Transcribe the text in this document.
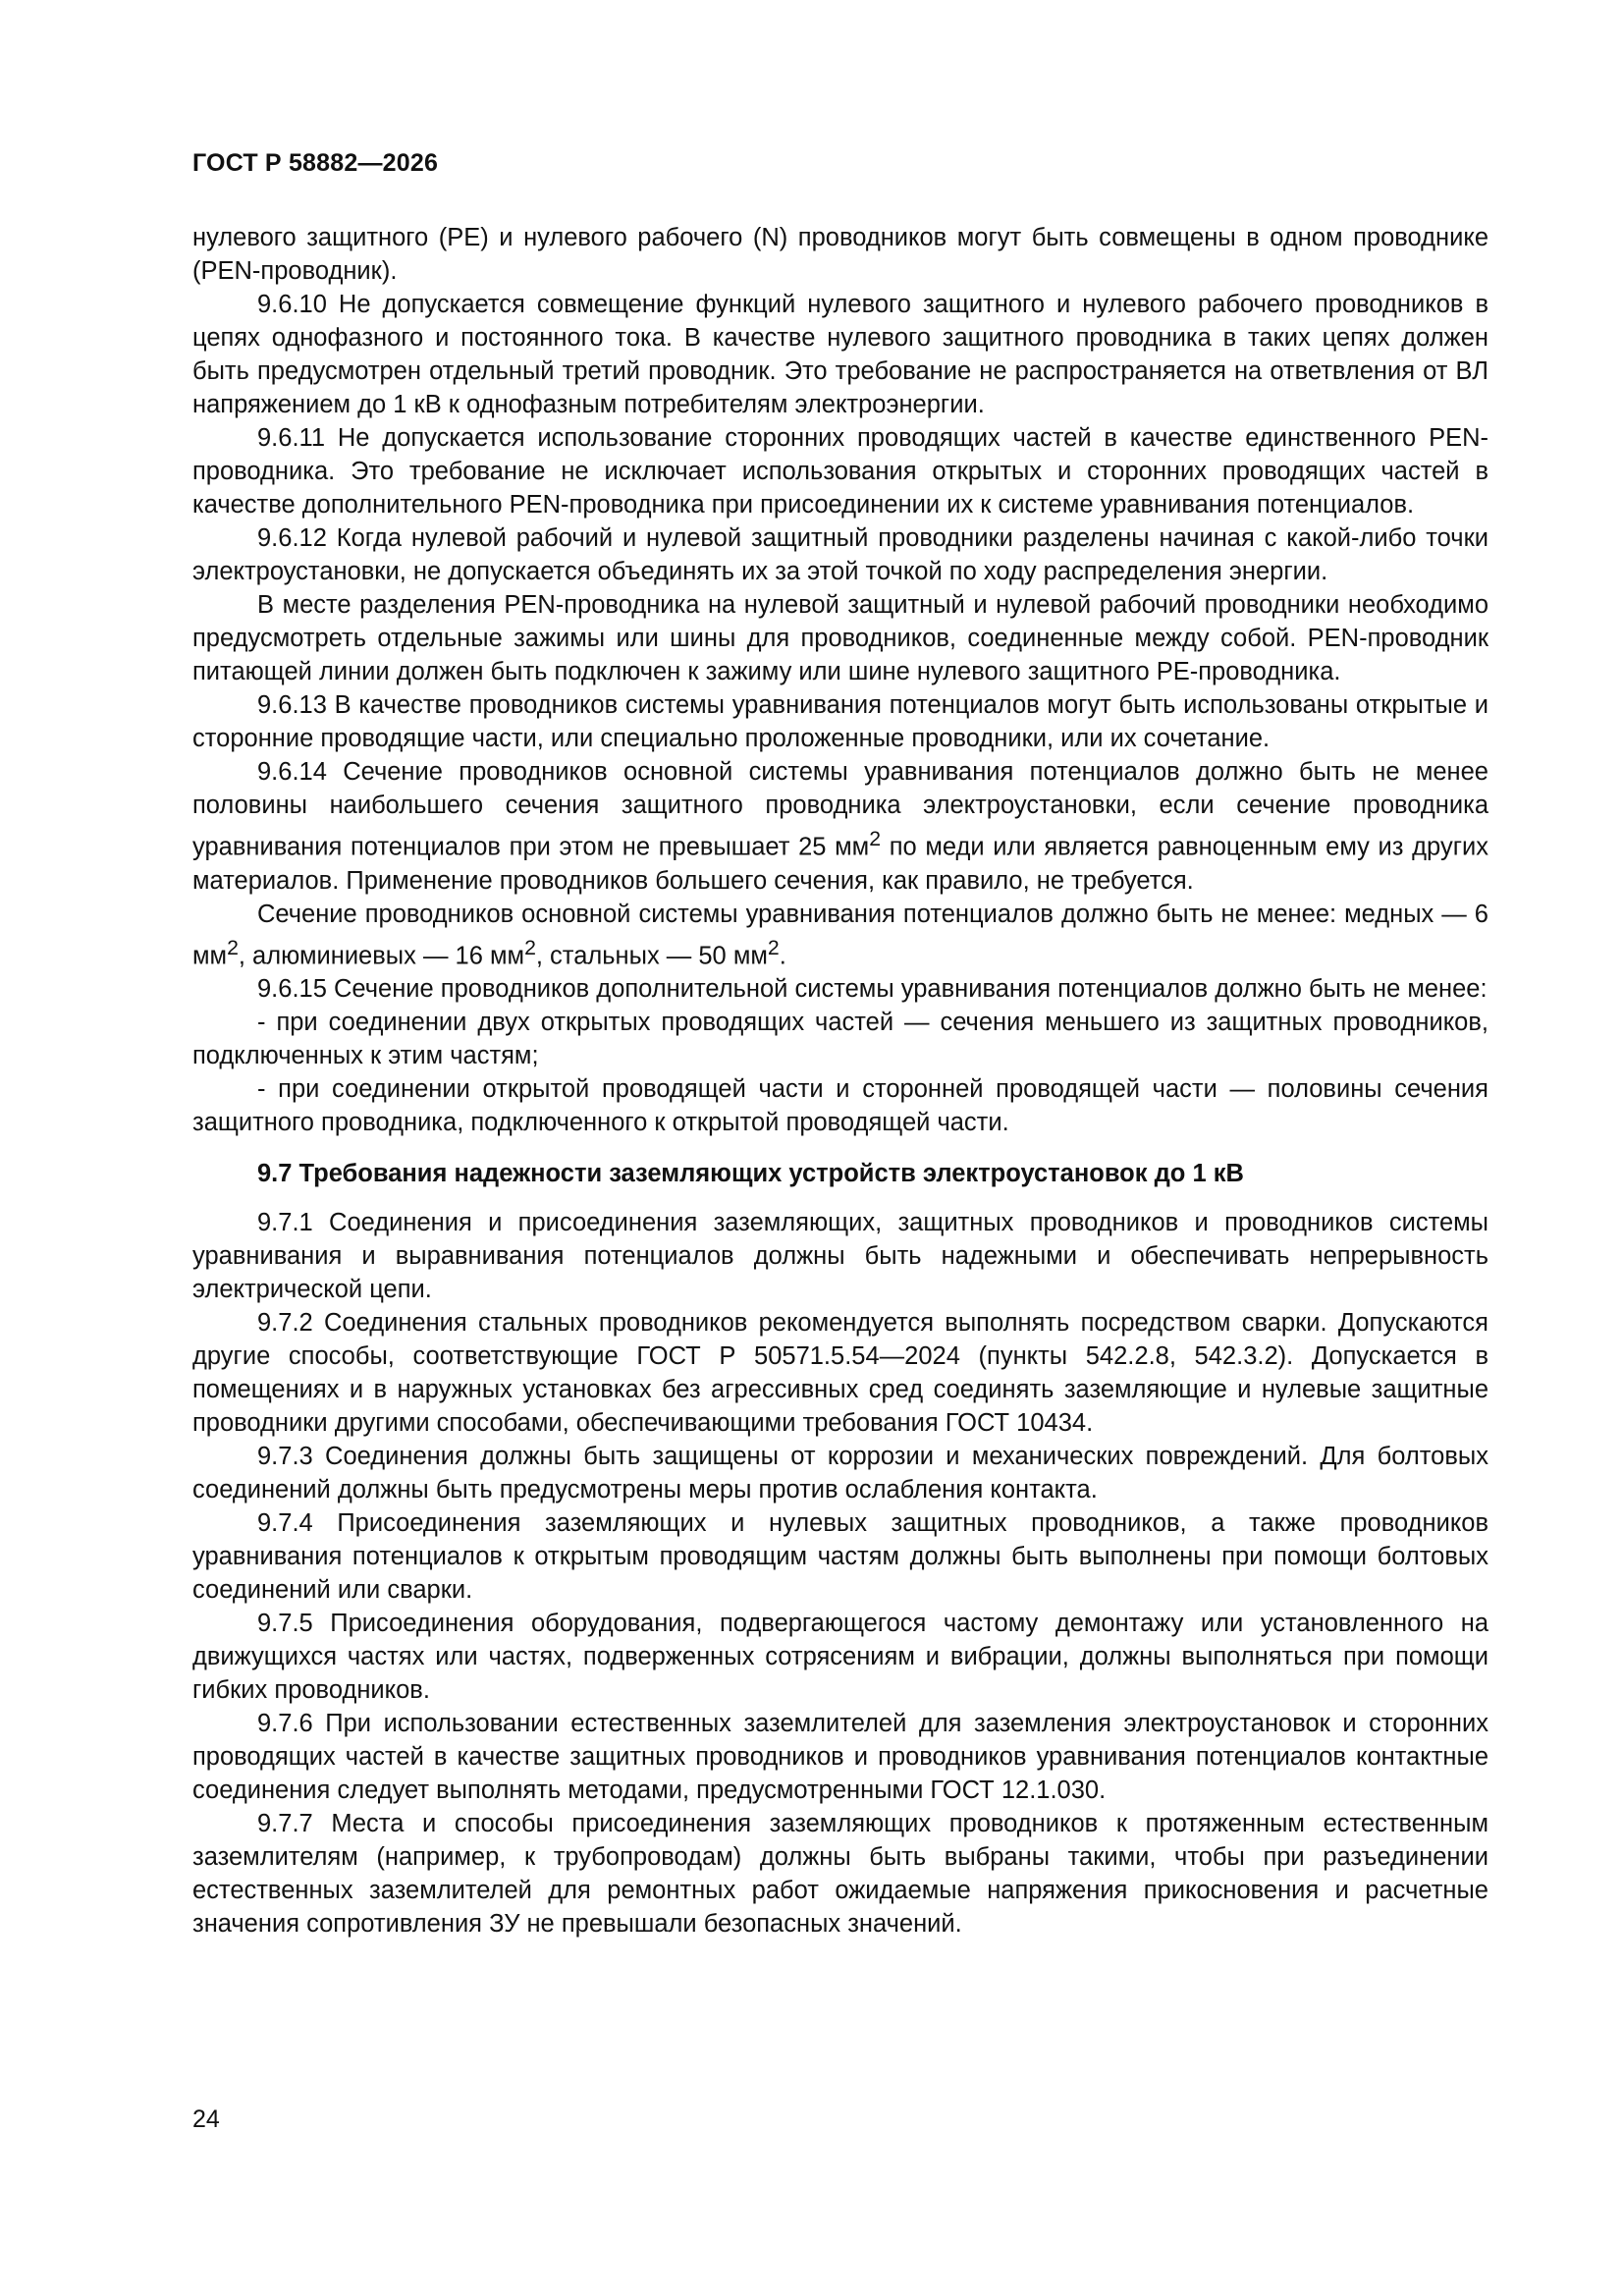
ГОСТ Р 58882—2026

нулевого защитного (PE) и нулевого рабочего (N) проводников могут быть совмещены в одном проводнике (PEN-проводник).

9.6.10 Не допускается совмещение функций нулевого защитного и нулевого рабочего проводников в цепях однофазного и постоянного тока. В качестве нулевого защитного проводника в таких цепях должен быть предусмотрен отдельный третий проводник. Это требование не распространяется на ответвления от ВЛ напряжением до 1 кВ к однофазным потребителям электроэнергии.

9.6.11 Не допускается использование сторонних проводящих частей в качестве единственного PEN-проводника. Это требование не исключает использования открытых и сторонних проводящих частей в качестве дополнительного PEN-проводника при присоединении их к системе уравнивания потенциалов.

9.6.12 Когда нулевой рабочий и нулевой защитный проводники разделены начиная с какой-либо точки электроустановки, не допускается объединять их за этой точкой по ходу распределения энергии.

В месте разделения PEN-проводника на нулевой защитный и нулевой рабочий проводники необходимо предусмотреть отдельные зажимы или шины для проводников, соединенные между собой. PEN-проводник питающей линии должен быть подключен к зажиму или шине нулевого защитного PE-проводника.

9.6.13 В качестве проводников системы уравнивания потенциалов могут быть использованы открытые и сторонние проводящие части, или специально проложенные проводники, или их сочетание.

9.6.14 Сечение проводников основной системы уравнивания потенциалов должно быть не менее половины наибольшего сечения защитного проводника электроустановки, если сечение проводника уравнивания потенциалов при этом не превышает 25 $мм^2$ по меди или является равноценным ему из других материалов. Применение проводников большего сечения, как правило, не требуется.

Сечение проводников основной системы уравнивания потенциалов должно быть не менее: медных — 6 $мм^2$, алюминиевых — 16 $мм^2$, стальных — 50 $мм^2$.

9.6.15 Сечение проводников дополнительной системы уравнивания потенциалов должно быть не менее:

- при соединении двух открытых проводящих частей — сечения меньшего из защитных проводников, подключенных к этим частям;

- при соединении открытой проводящей части и сторонней проводящей части — половины сечения защитного проводника, подключенного к открытой проводящей части.

9.7 Требования надежности заземляющих устройств электроустановок до 1 кВ

9.7.1 Соединения и присоединения заземляющих, защитных проводников и проводников системы уравнивания и выравнивания потенциалов должны быть надежными и обеспечивать непрерывность электрической цепи.

9.7.2 Соединения стальных проводников рекомендуется выполнять посредством сварки. Допускаются другие способы, соответствующие ГОСТ Р 50571.5.54—2024 (пункты 542.2.8, 542.3.2). Допускается в помещениях и в наружных установках без агрессивных сред соединять заземляющие и нулевые защитные проводники другими способами, обеспечивающими требования ГОСТ 10434.

9.7.3 Соединения должны быть защищены от коррозии и механических повреждений. Для болтовых соединений должны быть предусмотрены меры против ослабления контакта.

9.7.4 Присоединения заземляющих и нулевых защитных проводников, а также проводников уравнивания потенциалов к открытым проводящим частям должны быть выполнены при помощи болтовых соединений или сварки.

9.7.5 Присоединения оборудования, подвергающегося частому демонтажу или установленного на движущихся частях или частях, подверженных сотрясениям и вибрации, должны выполняться при помощи гибких проводников.

9.7.6 При использовании естественных заземлителей для заземления электроустановок и сторонних проводящих частей в качестве защитных проводников и проводников уравнивания потенциалов контактные соединения следует выполнять методами, предусмотренными ГОСТ 12.1.030.

9.7.7 Места и способы присоединения заземляющих проводников к протяженным естественным заземлителям (например, к трубопроводам) должны быть выбраны такими, чтобы при разъединении естественных заземлителей для ремонтных работ ожидаемые напряжения прикосновения и расчетные значения сопротивления ЗУ не превышали безопасных значений.

24
